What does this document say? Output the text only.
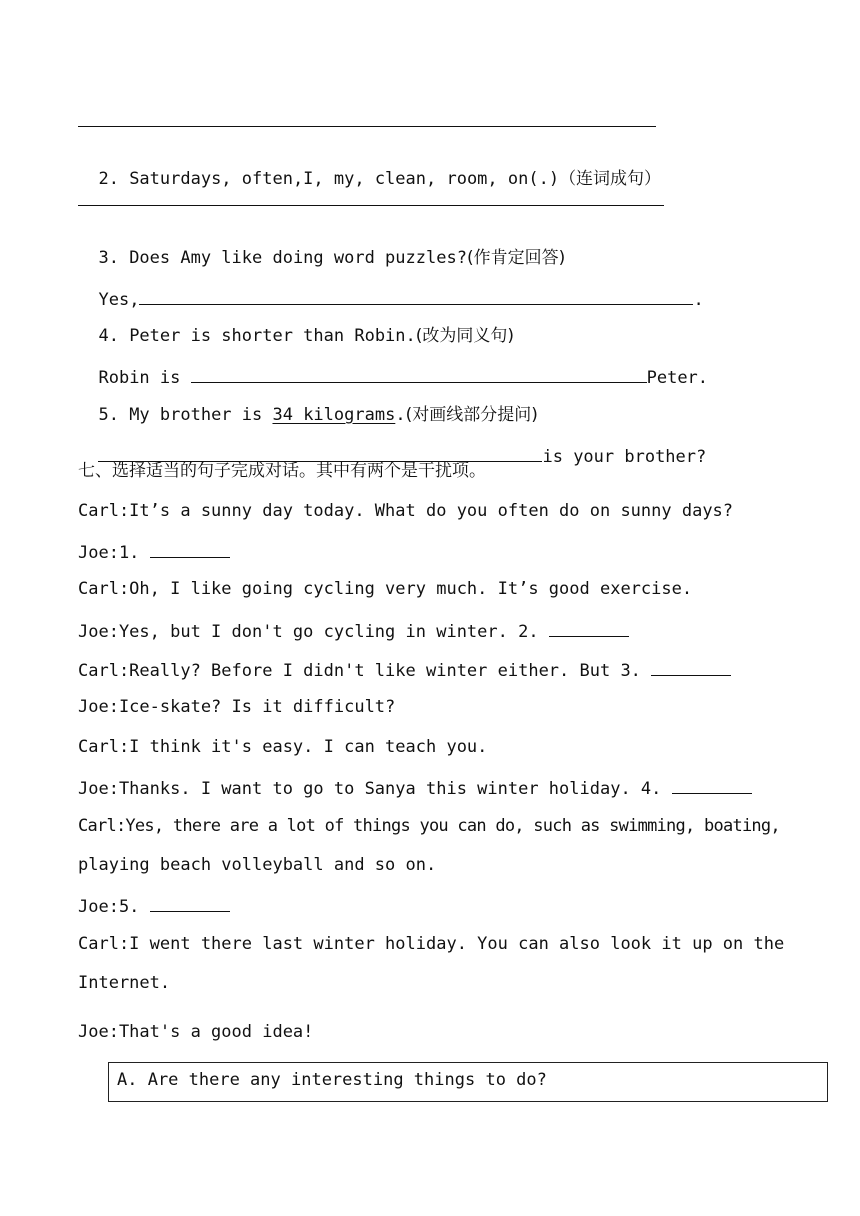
2. Saturdays, often,I, my, clean, room, on(.)（连词成句）

3. Does Amy like doing word puzzles?(作肯定回答)

Yes,	.

4. Peter is shorter than Robin.(改为同义句)

Robin is	Peter.

5. My brother is 34 kilograms.(对画线部分提问)

is your brother?

七、选择适当的句子完成对话。其中有两个是干扰项。
Carl:It’s a sunny day today. What do you often do on sunny days?
Joe:1.
Carl:Oh, I like going cycling very much. It’s good exercise.
Joe:Yes, but I don't go cycling in winter. 2.
Carl:Really? Before I didn't like winter either. But 3.
Joe:Ice-skate? Is it difficult?
Carl:I think it's easy. I can teach you.
Joe:Thanks. I want to go to Sanya this winter holiday. 4.
Carl:Yes, there are a lot of things you can do, such as swimming, boating,
playing beach volleyball and so on.
Joe:5.
Carl:I went there last winter holiday. You can also look it up on the
Internet.
Joe:That's a good idea!
A. Are there any interesting things to do?
